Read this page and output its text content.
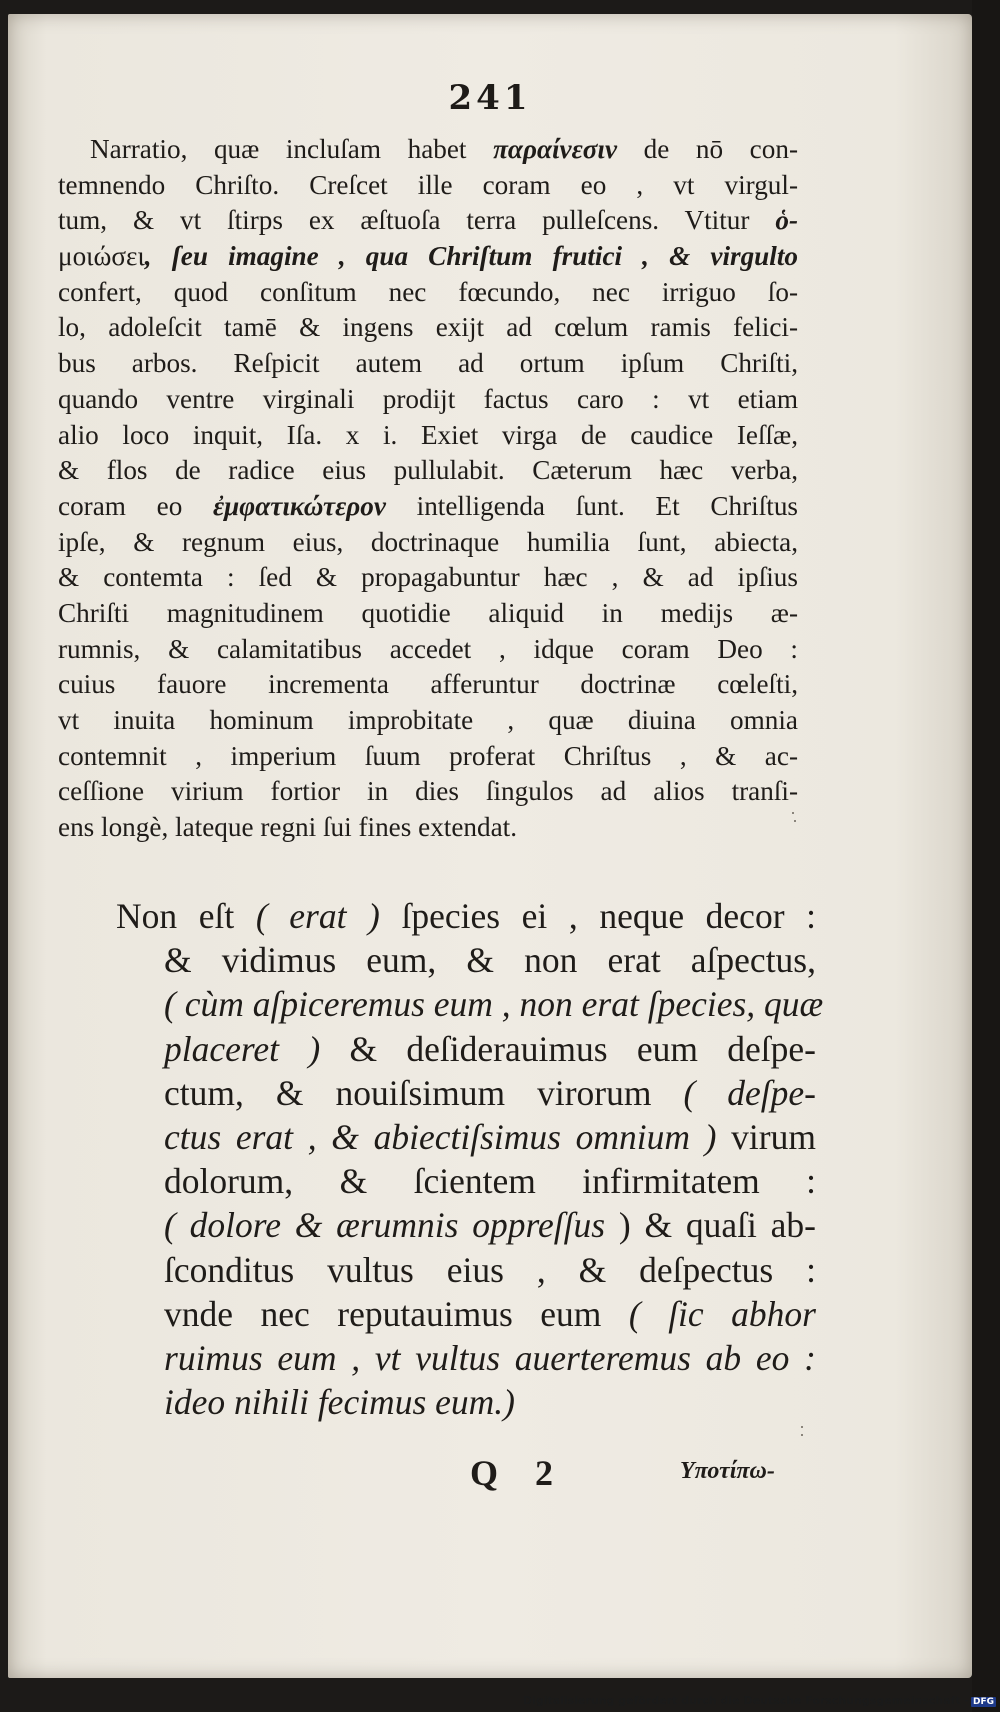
241
Narratio, quæ incluſam habet παραίνεσιν de nō con-
temnendo Chriſto. Creſcet ille coram eo , vt virgul-
tum, & vt ſtirps ex æſtuoſa terra pulleſcens. Vtitur ὁ-
μοιώσει, ſeu imagine , qua Chriſtum frutici , & virgulto
confert, quod conſitum nec fœcundo, nec irriguo ſo-
lo, adoleſcit tamē & ingens exijt ad cœlum ramis felici-
bus arbos. Reſpicit autem ad ortum ipſum Chriſti,
quando ventre virginali prodijt factus caro : vt etiam
alio loco inquit, Iſa. x i. Exiet virga de caudice Ieſſæ,
& flos de radice eius pullulabit. Cæterum hæc verba,
coram eo ἐμφατικώτερον intelligenda ſunt. Et Chriſtus
ipſe, & regnum eius, doctrinaque humilia ſunt, abiecta,
& contemta : ſed & propagabuntur hæc , & ad ipſius
Chriſti magnitudinem quotidie aliquid in medijs æ-
rumnis, & calamitatibus accedet , idque coram Deo :
cuius fauore incrementa afferuntur doctrinæ cœleſti,
vt inuita hominum improbitate , quæ diuina omnia
contemnit , imperium ſuum proferat Chriſtus , & ac-
ceſſione virium fortior in dies ſingulos ad alios tranſi-
ens longè, lateque regni ſui fines extendat.
Non eſt ( erat ) ſpecies ei , neque decor :
& vidimus eum, & non erat aſpectus,
( cùm aſpiceremus eum , non erat ſpecies, quæ
placeret ) & deſiderauimus eum deſpe-
ctum, & nouiſsimum virorum ( deſpe-
ctus erat , & abiectiſsimus omnium ) virum
dolorum, & ſcientem infirmitatem :
( dolore & ærumnis oppreſſus ) & quaſi ab-
ſconditus vultus eius , & deſpectus :
vnde nec reputauimus eum ( ſic abhor
ruimus eum , vt vultus auerteremus ab eo :
ideo nihili fecimus eum.)
Q 2	Υποτίπω-
Digitalisierung gefördert durch die Deutsche Forschungsgemeinschaft - DFG
